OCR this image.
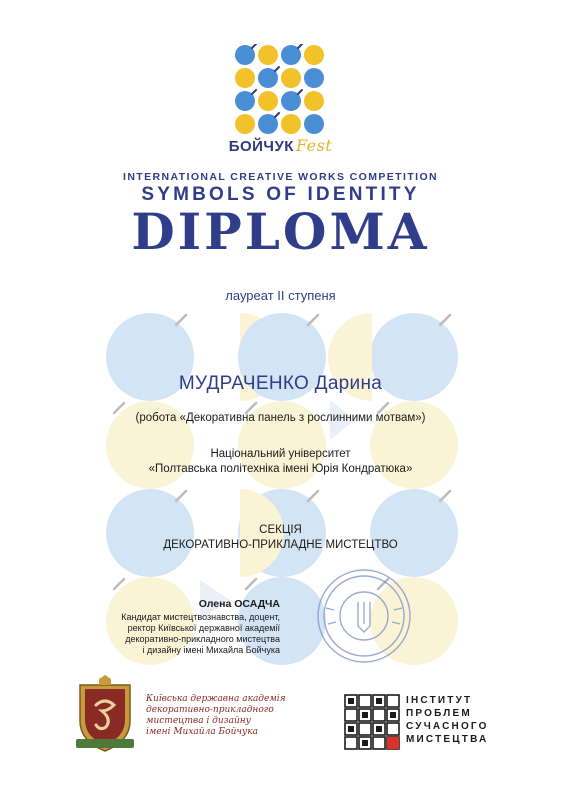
БОЙЧУК Fest
INTERNATIONAL CREATIVE WORKS COMPETITION
SYMBOLS OF IDENTITY
DIPLOMA
лауреат ІІ ступеня
МУДРАЧЕНКО Дарина
(робота «Декоративна панель з рослинними мотвам»)
Національний університет
«Полтавська політехніка імені Юрія Кондратюка»
СЕКЦІЯ
ДЕКОРАТИВНО-ПРИКЛАДНЕ МИСТЕЦТВО
Олена ОСАДЧА
Кандидат мистецтвознавства, доцент,
ректор Київської державної академії
декоративно-прикладного мистецтва
і дизайну імені Михайла Бойчука
Київська державна академія
декоративно-прикладного
мистецтва і дизайну
імені Михайла Бойчука
ІНСТИТУТ
ПРОБЛЕМ
СУЧАСНОГО
МИСТЕЦТВА
